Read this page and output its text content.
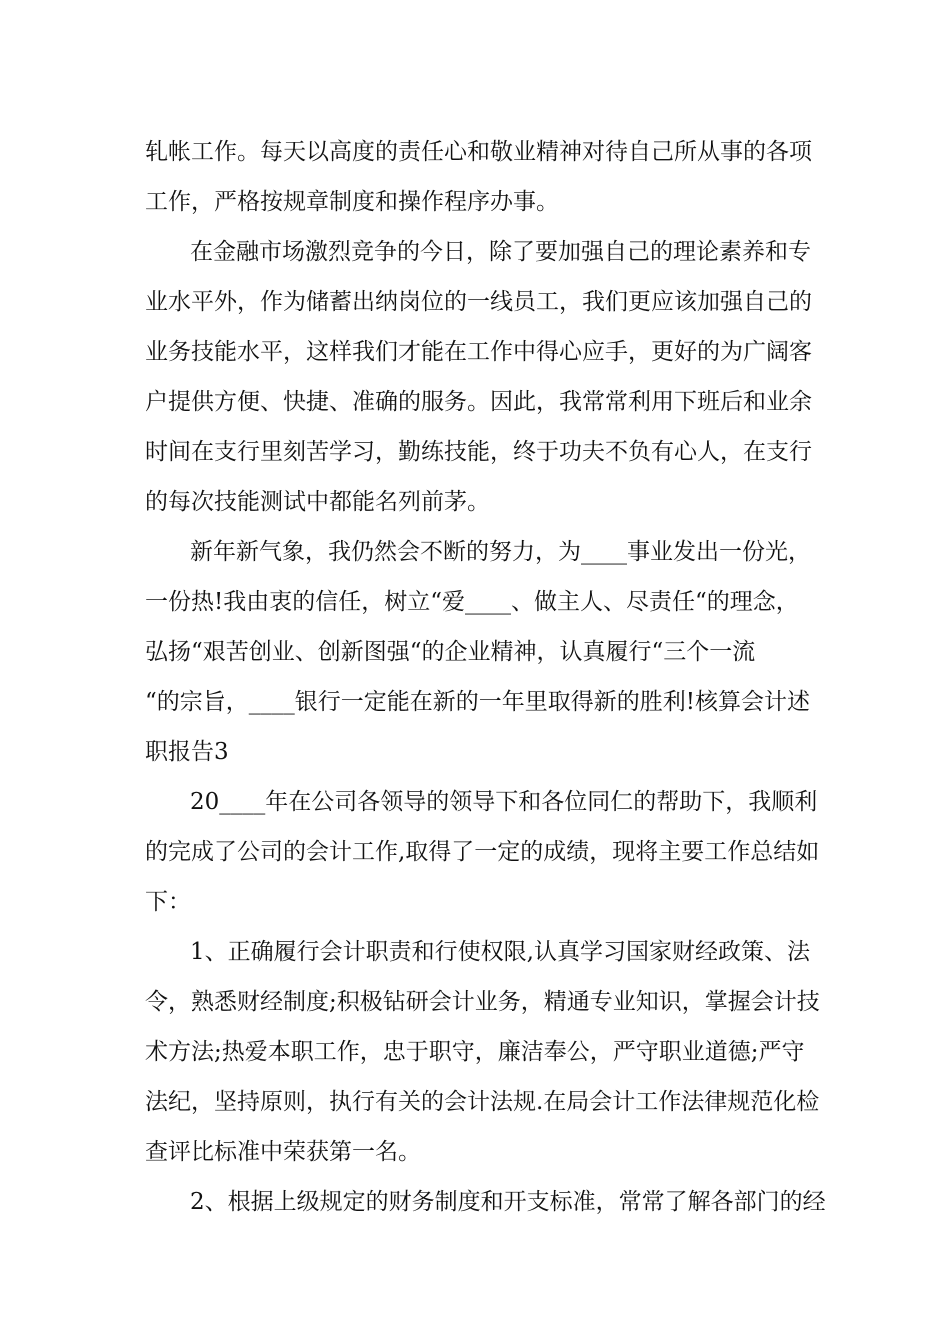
轧帐工作。每天以高度的责任心和敬业精神对待自己所从事的各项
工作，严格按规章制度和操作程序办事。
在金融市场激烈竞争的今日，除了要加强自己的理论素养和专
业水平外，作为储蓄出纳岗位的一线员工，我们更应该加强自己的
业务技能水平，这样我们才能在工作中得心应手，更好的为广阔客
户提供方便、快捷、准确的服务。因此，我常常利用下班后和业余
时间在支行里刻苦学习，勤练技能，终于功夫不负有心人，在支行
的每次技能测试中都能名列前茅。
新年新气象，我仍然会不断的努力，为____事业发出一份光，
一份热!我由衷的信任，树立“爱____、做主人、尽责任“的理念，
弘扬“艰苦创业、创新图强“的企业精神，认真履行“三个一流
“的宗旨，____银行一定能在新的一年里取得新的胜利!核算会计述
职报告3
20____年在公司各领导的领导下和各位同仁的帮助下，我顺利
的完成了公司的会计工作,取得了一定的成绩，现将主要工作总结如
下：
1、正确履行会计职责和行使权限,认真学习国家财经政策、法
令，熟悉财经制度;积极钻研会计业务，精通专业知识，掌握会计技
术方法;热爱本职工作，忠于职守，廉洁奉公，严守职业道德;严守
法纪，坚持原则，执行有关的会计法规.在局会计工作法律规范化检
查评比标准中荣获第一名。
2、根据上级规定的财务制度和开支标准，常常了解各部门的经
